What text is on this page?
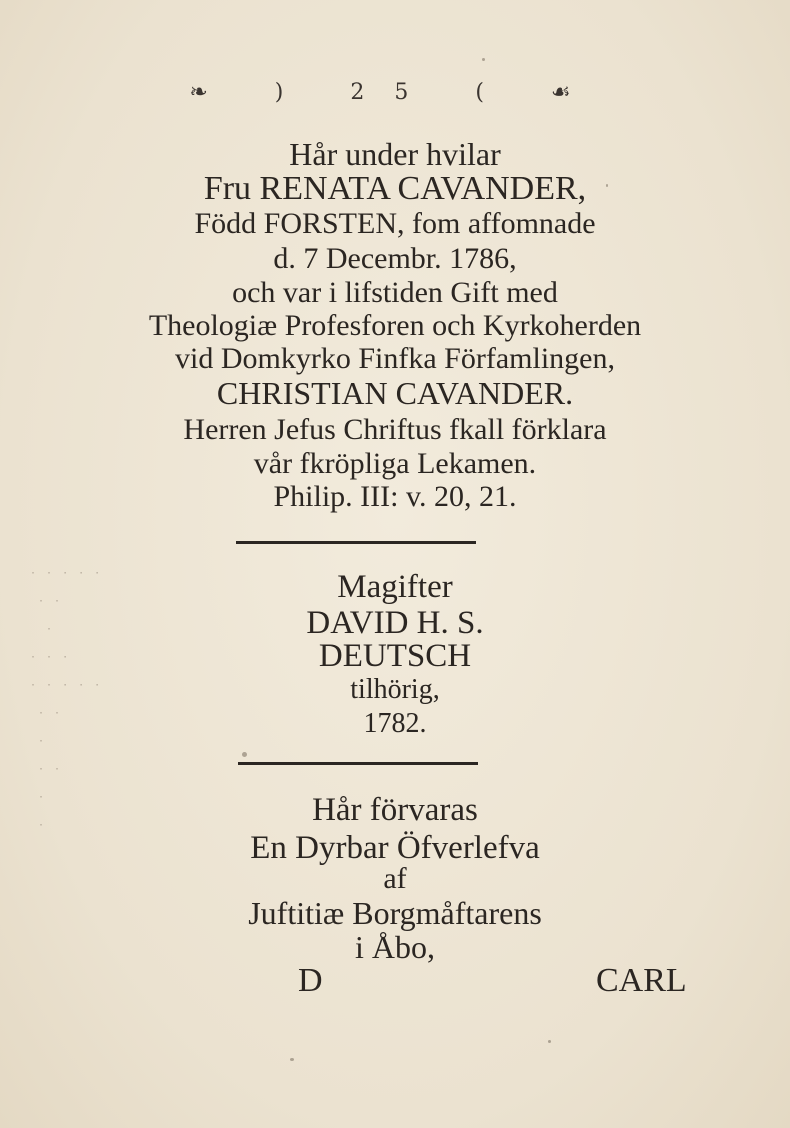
❧ ) 25 ( ☙
Hår under hvilar
Fru RENATA CAVANDER,
Född FORSTEN, fom affomnade
d. 7 Decembr. 1786,
och var i lifstiden Gift med
Theologiæ Profesforen och Kyrkoherden
vid Domkyrko Finfka Förfamlingen,
CHRISTIAN CAVANDER.
Herren Jefus Chriftus fkall förklara
vår fkröpliga Lekamen.
Philip. III: v. 20, 21.
Magifter
DAVID H. S.
DEUTSCH
tilhörig,
1782.
Hår förvaras
En Dyrbar Öfverlefva
af
Juftitiæ Borgmåftarens
i Åbo,
D	CARL
· · · · ·
· ·
·
· · ·
· · · · ·
· ·
·
· ·
·
·
